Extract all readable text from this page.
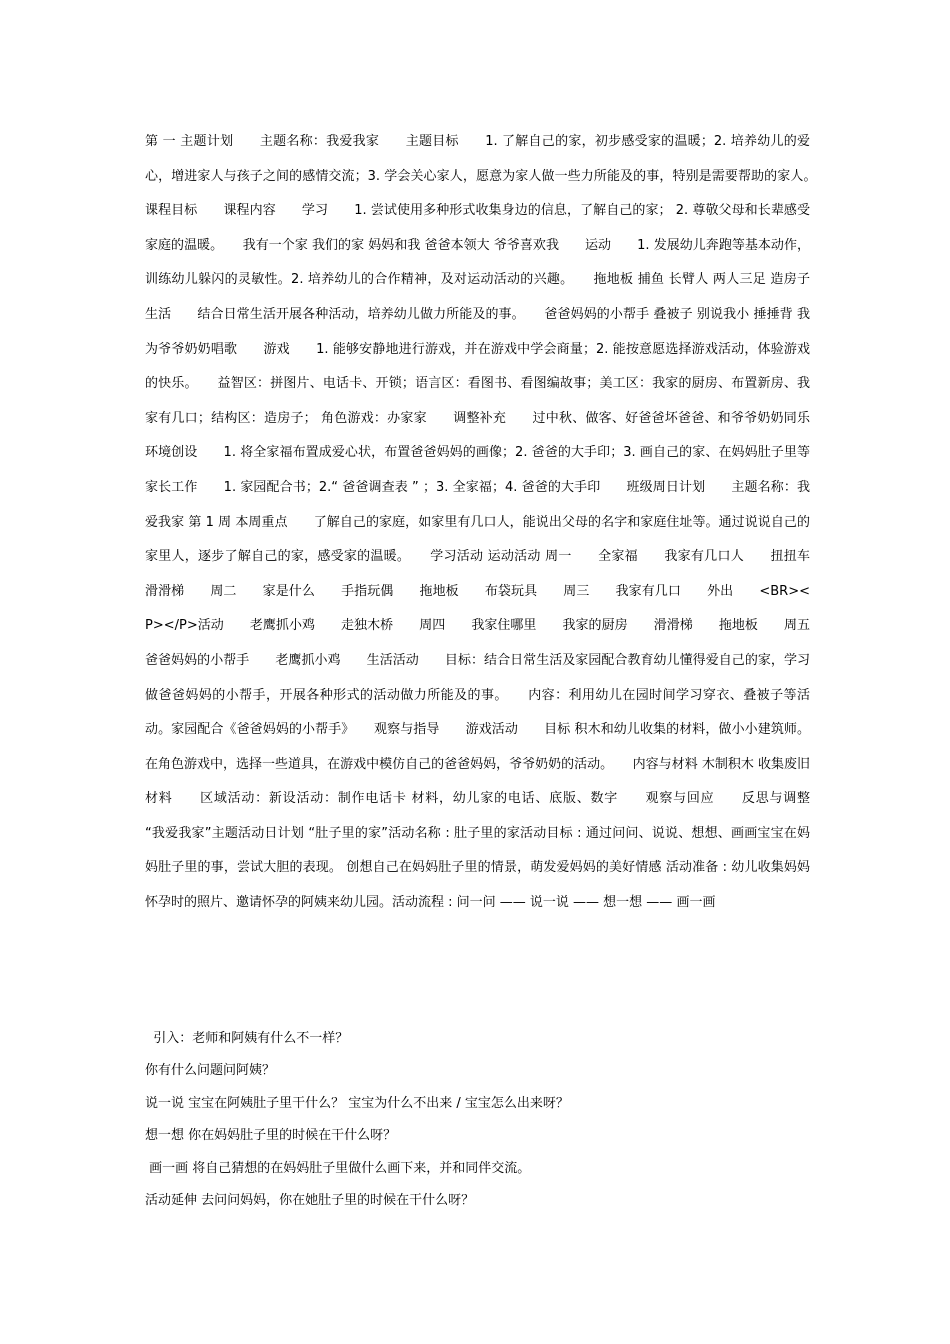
第 一 主题计划　　主题名称：我爱我家　　主题目标　　1. 了解自己的家，初步感受家的温暖；2. 培养幼儿的爱心，增进家人与孩子之间的感情交流；3. 学会关心家人，愿意为家人做一些力所能及的事，特别是需要帮助的家人。　　课程目标　　课程内容　　学习　　1. 尝试使用多种形式收集身边的信息，了解自己的家； 2. 尊敬父母和长辈感受家庭的温暖。　　我有一个家 我们的家 妈妈和我 爸爸本领大 爷爷喜欢我　　运动　　1. 发展幼儿奔跑等基本动作，训练幼儿躲闪的灵敏性。2. 培养幼儿的合作精神，及对运动活动的兴趣。　　拖地板 捕鱼 长臂人 两人三足 造房子　　生活　　结合日常生活开展各种活动，培养幼儿做力所能及的事。　　爸爸妈妈的小帮手 叠被子 别说我小 捶捶背 我为爷爷奶奶唱歌　　游戏　　1. 能够安静地进行游戏，并在游戏中学会商量；2. 能按意愿选择游戏活动，体验游戏的快乐。　　益智区：拼图片、电话卡、开锁；语言区：看图书、看图编故事；美工区：我家的厨房、布置新房、我家有几口；结构区：造房子； 角色游戏：办家家　　调整补充　　过中秋、做客、好爸爸坏爸爸、和爷爷奶奶同乐　　环境创设　　1. 将全家福布置成爱心状，布置爸爸妈妈的画像；2. 爸爸的大手印；3. 画自己的家、在妈妈肚子里等　　家长工作　　1. 家园配合书；2.“ 爸爸调查表 ” ；3. 全家福；4. 爸爸的大手印　　班级周日计划　　主题名称：我爱我家 第 1 周 本周重点　　了解自己的家庭，如家里有几口人，能说出父母的名字和家庭住址等。通过说说自己的家里人，逐步了解自己的家，感受家的温暖。　　学习活动 运动活动 周一　　全家福　　我家有几口人　　扭扭车　　滑滑梯　　周二　　家是什么　　手指玩偶　　拖地板　　布袋玩具　　周三　　我家有几口　　外出　　<BR><P></P>活动　　老鹰抓小鸡　　走独木桥　　周四　　我家住哪里　　我家的厨房　　滑滑梯　　拖地板　　周五　　爸爸妈妈的小帮手　　老鹰抓小鸡　　生活活动　　目标：结合日常生活及家园配合教育幼儿懂得爱自己的家，学习做爸爸妈妈的小帮手，开展各种形式的活动做力所能及的事。　　内容：利用幼儿在园时间学习穿衣、叠被子等活动。家园配合《爸爸妈妈的小帮手》　　观察与指导　　游戏活动　　目标 积木和幼儿收集的材料，做小小建筑师。在角色游戏中，选择一些道具，在游戏中模仿自己的爸爸妈妈，爷爷奶奶的活动。　　内容与材料 木制积木 收集废旧材料　　区域活动：新设活动：制作电话卡 材料，幼儿家的电话、底版、数字　　观察与回应　　反思与调整　　“我爱我家”主题活动日计划 “肚子里的家”活动名称 : 肚子里的家活动目标 : 通过问问、说说、想想、画画宝宝在妈妈肚子里的事，尝试大胆的表现。 创想自己在妈妈肚子里的情景，萌发爱妈妈的美好情感 活动准备 : 幼儿收集妈妈怀孕时的照片、邀请怀孕的阿姨来幼儿园。活动流程 : 问一问 —— 说一说 —— 想一想 —— 画一画
引入：老师和阿姨有什么不一样？
你有什么问题问阿姨？
说一说 宝宝在阿姨肚子里干什么？ 宝宝为什么不出来 / 宝宝怎么出来呀？
想一想 你在妈妈肚子里的时候在干什么呀？
画一画 将自己猜想的在妈妈肚子里做什么画下来，并和同伴交流。
活动延伸 去问问妈妈，你在她肚子里的时候在干什么呀？
